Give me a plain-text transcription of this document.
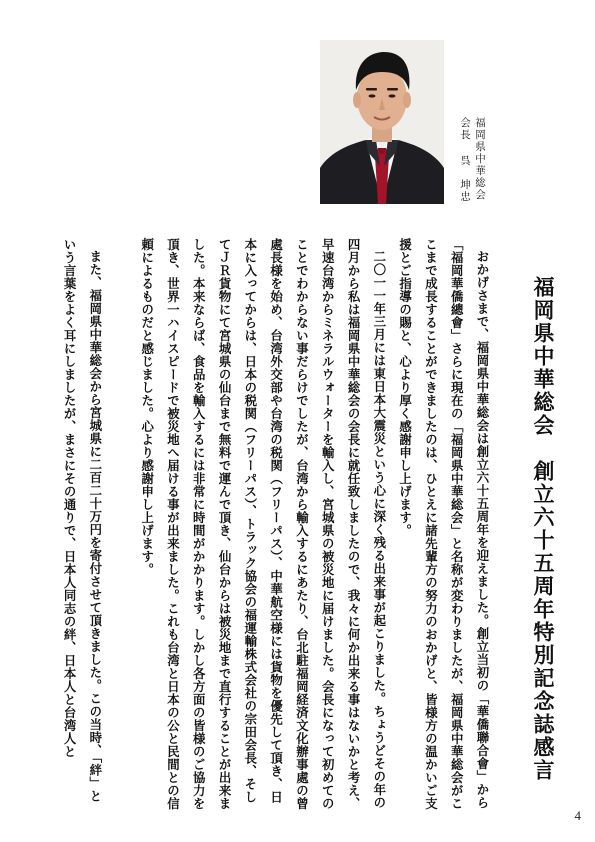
福岡県中華総会
会長呉　坤忠
福岡県中華総会　創立六十五周年特別記念誌感言

おかげさまで、福岡県中華総会は創立六十五周年を迎えました。創立当初の「華僑聯合會」から「福岡華僑總會」さらに現在の「福岡県中華総会」と名称が変わりましたが、福岡県中華総会がここまで成長することができましたのは、ひとえに諸先輩方の努力のおかげと、皆様方の温かいご支援とご指導の賜と、心より厚く感謝申し上げます。

二〇一一年三月には東日本大震災という心に深く残る出来事が起こりました。ちょうどその年の四月から私は福岡県中華総会の会長に就任致しましたので、我々に何か出来る事はないかと考え、早速台湾からミネラルウォーターを輸入し、宮城県の被災地に届けました。会長になって初めてのことでわからない事だらけでしたが、台湾から輸入するにあたり、台北駐福岡経済文化辦事處の曾處長様を始め、台湾外交部や台湾の税関（フリーパス）、中華航空様には貨物を優先して頂き、日本に入ってからは、日本の税関（フリーパス）、トラック協会の福運輸株式会社の宗田会長、そしてＪＲ貨物にて宮城県の仙台まで無料で運んで頂き、仙台からは被災地まで直行することが出来ました。本来ならば、食品を輸入するには非常に時間がかかります。しかし各方面の皆様のご協力を頂き、世界一ハイスピードで被災地へ届ける事が出来ました。これも台湾と日本の公と民間との信頼によるものだと感じました。心より感謝申し上げます。

また、福岡県中華総会から宮城県に二百二十万円を寄付させて頂きました。この当時、「絆」という言葉をよく耳にしましたが、まさにその通りで、日本人同志の絆、日本人と台湾人と

4
